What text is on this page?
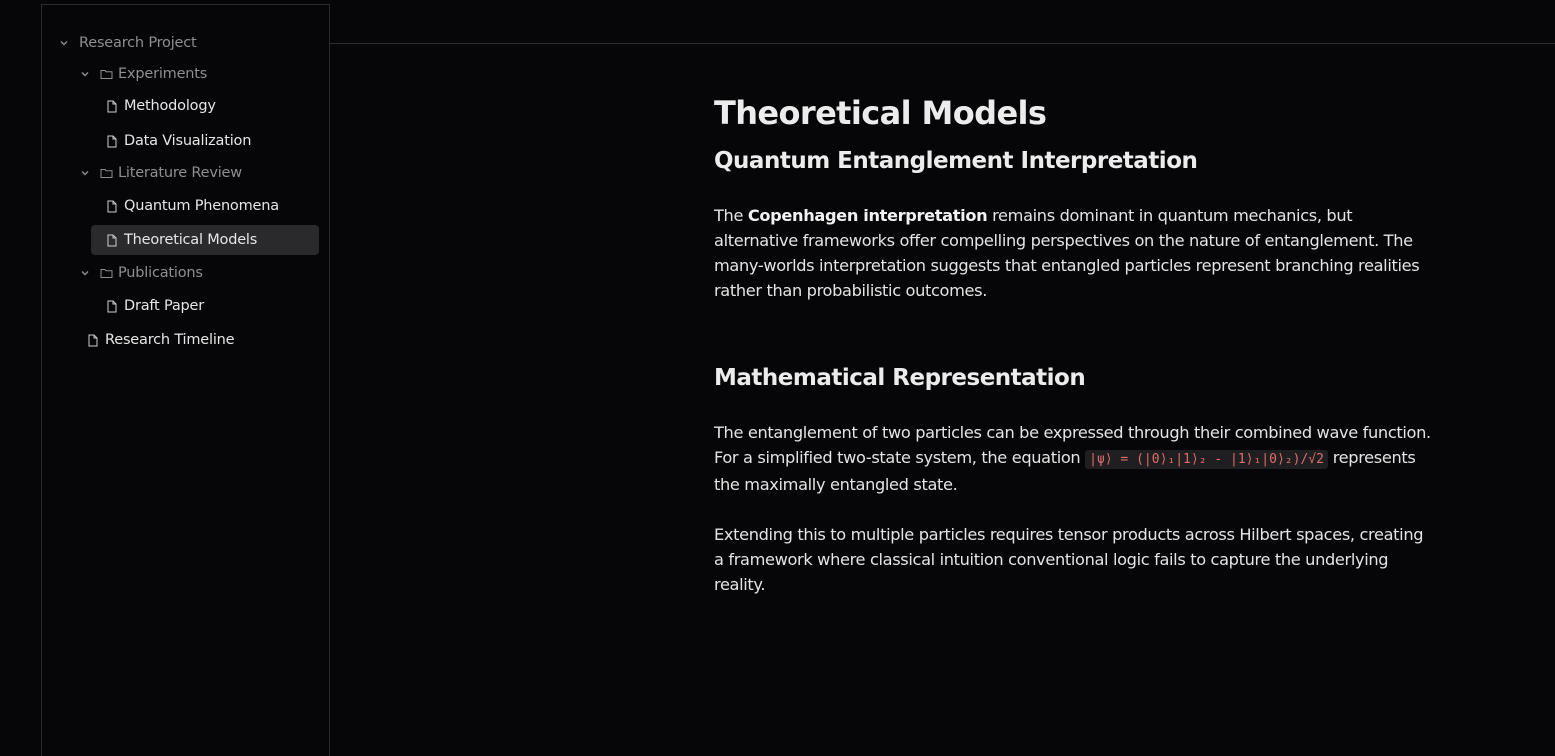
Research Project
Experiments
Methodology
Data Visualization
Literature Review
Quantum Phenomena
Theoretical Models
Publications
Draft Paper
Research Timeline
Theoretical Models
Quantum Entanglement Interpretation

The Copenhagen interpretation remains dominant in quantum mechanics, but alternative frameworks offer compelling perspectives on the nature of entanglement. The many-worlds interpretation suggests that entangled particles represent branching realities rather than probabilistic outcomes.

Mathematical Representation

The entanglement of two particles can be expressed through their combined wave function. For a simplified two-state system, the equation |ψ⟩ = (|0⟩₁|1⟩₂ - |1⟩₁|0⟩₂)/√2 represents the maximally entangled state.

Extending this to multiple particles requires tensor products across Hilbert spaces, creating a framework where classical intuition conventional logic fails to capture the underlying reality.
